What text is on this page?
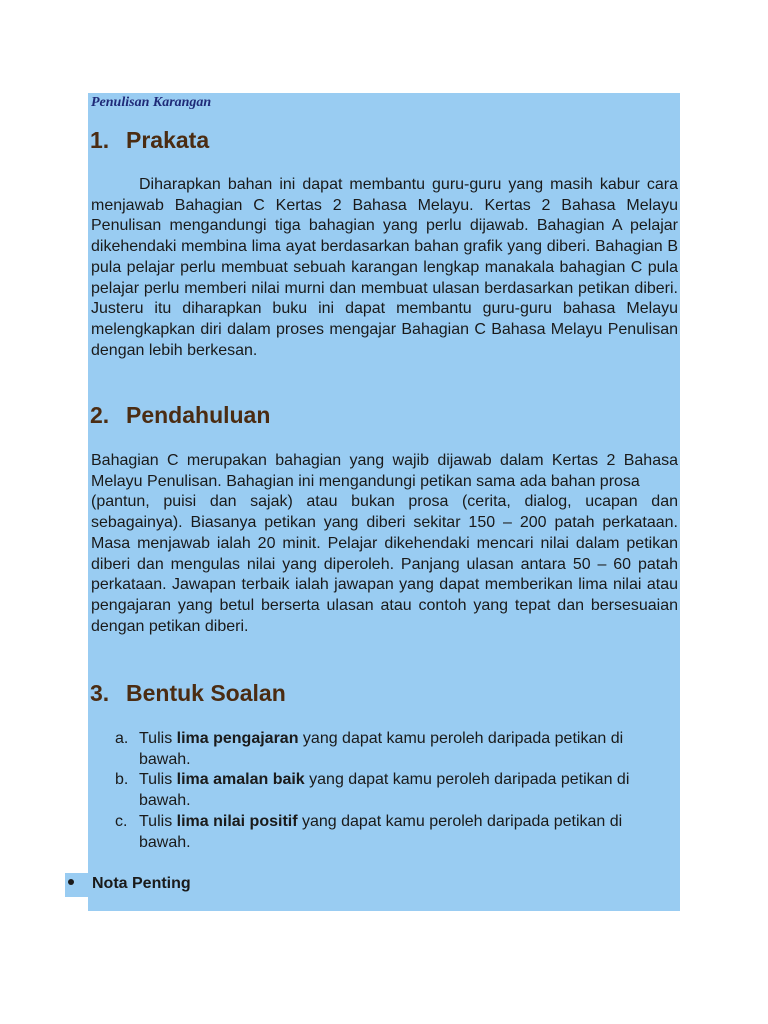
Penulisan Karangan
1. Prakata

Diharapkan bahan ini dapat membantu guru-guru yang masih kabur cara menjawab Bahagian C Kertas 2 Bahasa Melayu. Kertas 2 Bahasa Melayu Penulisan mengandungi tiga bahagian yang perlu dijawab. Bahagian A pelajar dikehendaki membina lima ayat berdasarkan bahan grafik yang diberi. Bahagian B pula pelajar perlu membuat sebuah karangan lengkap manakala bahagian C pula pelajar perlu memberi nilai murni dan membuat ulasan berdasarkan petikan diberi. Justeru itu diharapkan buku ini dapat membantu guru-guru bahasa Melayu melengkapkan diri dalam proses mengajar Bahagian C Bahasa Melayu Penulisan dengan lebih berkesan.

2. Pendahuluan

Bahagian C merupakan bahagian yang wajib dijawab dalam Kertas 2 Bahasa Melayu Penulisan. Bahagian ini mengandungi petikan sama ada bahan prosa
(pantun, puisi dan sajak) atau bukan prosa (cerita, dialog, ucapan dan sebagainya). Biasanya petikan yang diberi sekitar 150 – 200 patah perkataan. Masa menjawab ialah 20 minit. Pelajar dikehendaki mencari nilai dalam petikan diberi dan mengulas nilai yang diperoleh. Panjang ulasan antara 50 – 60 patah perkataan. Jawapan terbaik ialah jawapan yang dapat memberikan lima nilai atau pengajaran yang betul berserta ulasan atau contoh yang tepat dan bersesuaian dengan petikan diberi.

3. Bentuk Soalan
a. Tulis lima pengajaran yang dapat kamu peroleh daripada petikan di bawah.
b. Tulis lima amalan baik yang dapat kamu peroleh daripada petikan di bawah.
c. Tulis lima nilai positif yang dapat kamu peroleh daripada petikan di bawah.
Nota Penting
